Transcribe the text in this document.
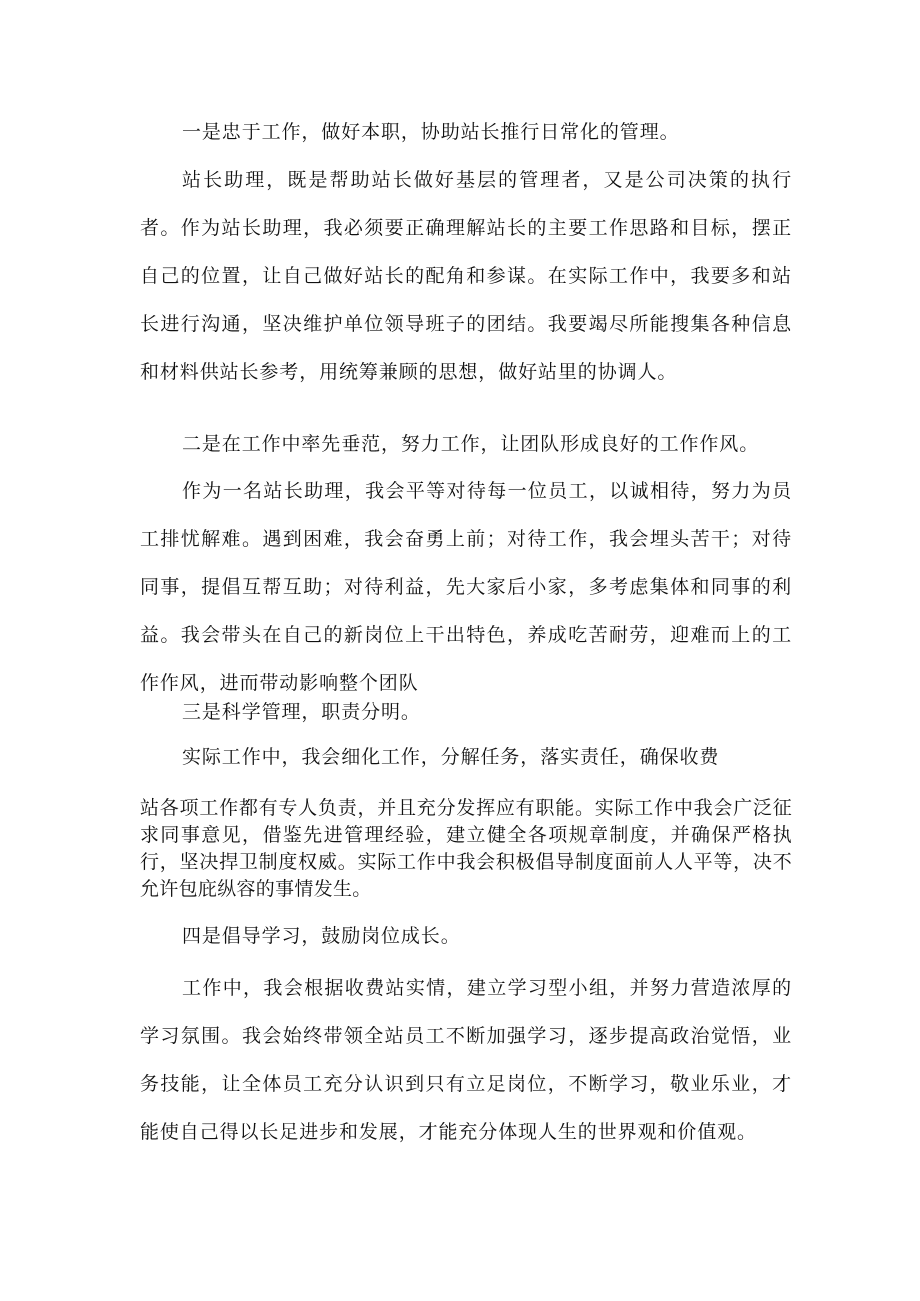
一是忠于工作，做好本职，协助站长推行日常化的管理。

站长助理，既是帮助站长做好基层的管理者，又是公司决策的执行者。作为站长助理，我必须要正确理解站长的主要工作思路和目标，摆正自己的位置，让自己做好站长的配角和参谋。在实际工作中，我要多和站长进行沟通，坚决维护单位领导班子的团结。我要竭尽所能搜集各种信息和材料供站长参考，用统筹兼顾的思想，做好站里的协调人。

二是在工作中率先垂范，努力工作，让团队形成良好的工作作风。

作为一名站长助理，我会平等对待每一位员工，以诚相待，努力为员工排忧解难。遇到困难，我会奋勇上前；对待工作，我会埋头苦干；对待同事，提倡互帮互助；对待利益，先大家后小家，多考虑集体和同事的利益。我会带头在自己的新岗位上干出特色，养成吃苦耐劳，迎难而上的工作作风，进而带动影响整个团队

三是科学管理，职责分明。

实际工作中，我会细化工作，分解任务，落实责任，确保收费

站各项工作都有专人负责，并且充分发挥应有职能。实际工作中我会广泛征求同事意见，借鉴先进管理经验，建立健全各项规章制度，并确保严格执行，坚决捍卫制度权威。实际工作中我会积极倡导制度面前人人平等，决不允许包庇纵容的事情发生。

四是倡导学习，鼓励岗位成长。

工作中，我会根据收费站实情，建立学习型小组，并努力营造浓厚的学习氛围。我会始终带领全站员工不断加强学习，逐步提高政治觉悟，业务技能，让全体员工充分认识到只有立足岗位，不断学习，敬业乐业，才能使自己得以长足进步和发展，才能充分体现人生的世界观和价值观。
